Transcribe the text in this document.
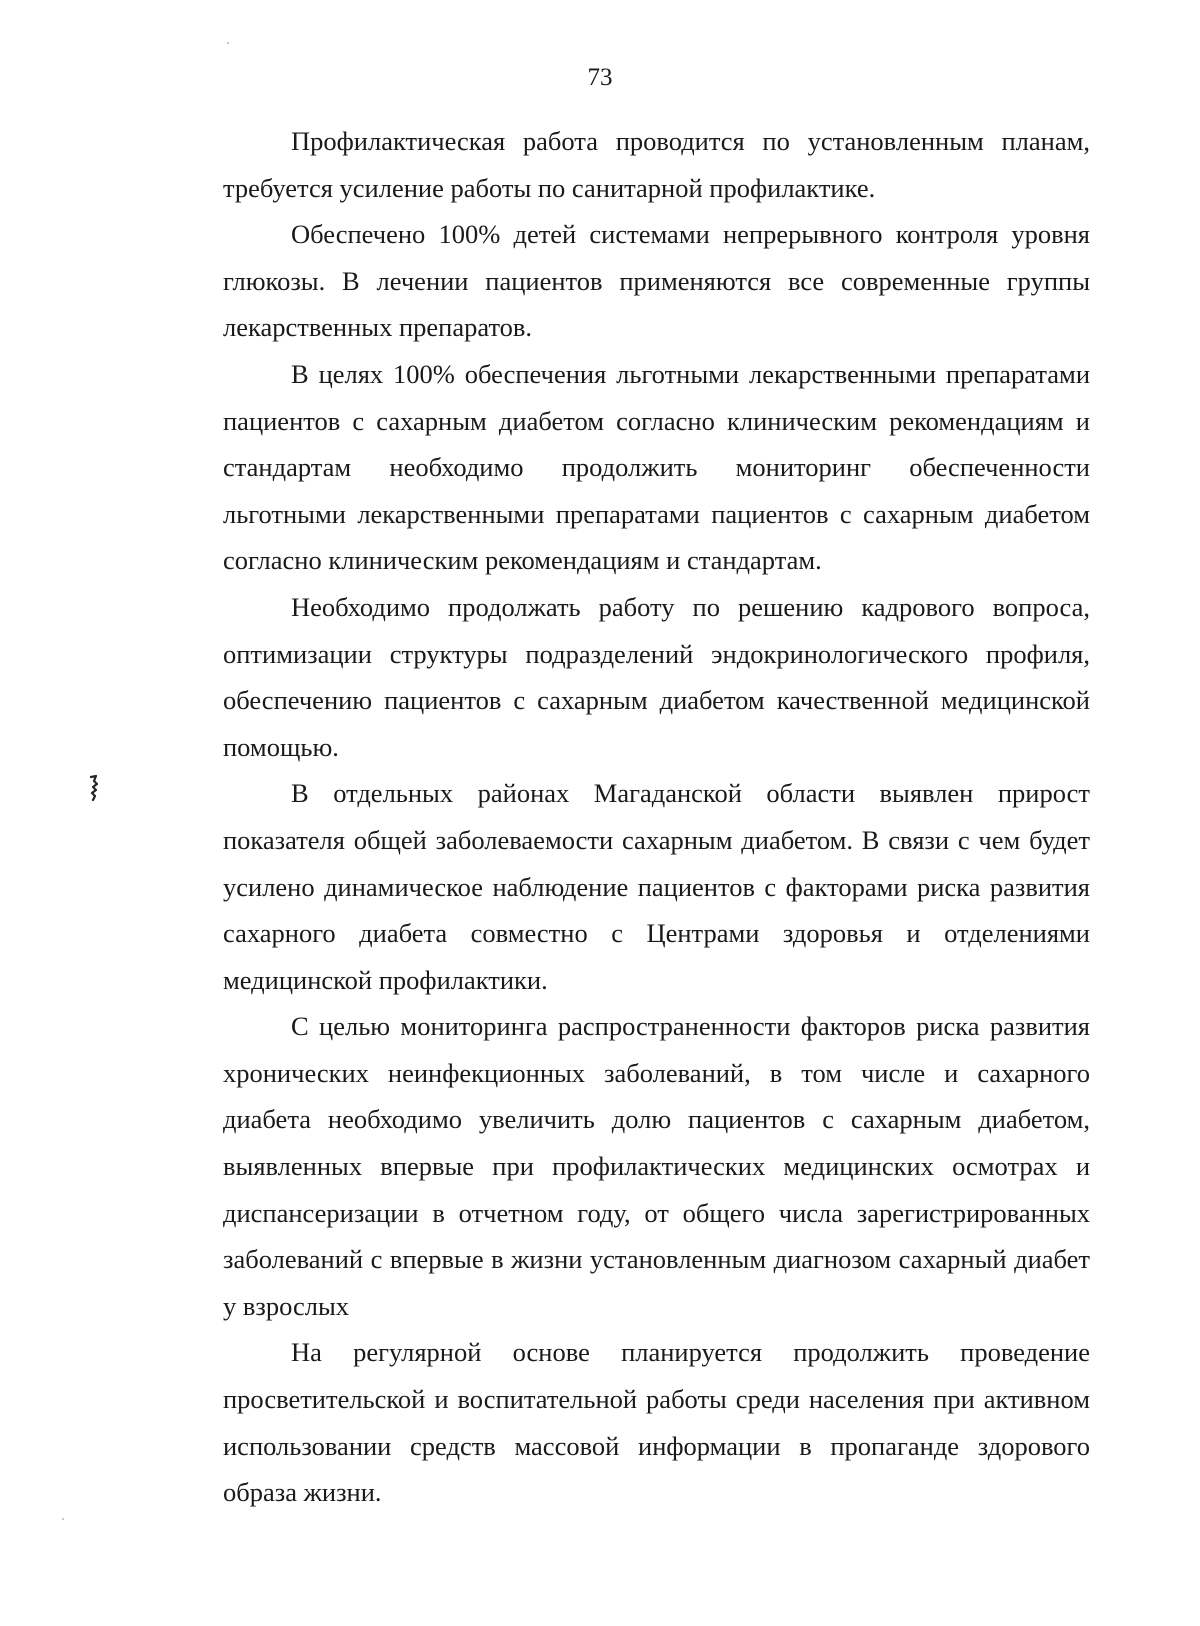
73

Профилактическая работа проводится по установленным планам, требуется усиление работы по санитарной профилактике.

Обеспечено 100% детей системами непрерывного контроля уровня глюкозы. В лечении пациентов применяются все современные группы лекарственных препаратов.

В целях 100% обеспечения льготными лекарственными препаратами пациентов с сахарным диабетом согласно клиническим рекомендациям и стандартам необходимо продолжить мониторинг обеспеченности льготными лекарственными препаратами пациентов с сахарным диабетом согласно клиническим рекомендациям и стандартам.

Необходимо продолжать работу по решению кадрового вопроса, оптимизации структуры подразделений эндокринологического профиля, обеспечению пациентов с сахарным диабетом качественной медицинской помощью.

В отдельных районах Магаданской области выявлен прирост показателя общей заболеваемости сахарным диабетом. В связи с чем будет усилено динамическое наблюдение пациентов с факторами риска развития сахарного диабета совместно с Центрами здоровья и отделениями медицинской профилактики.

С целью мониторинга распространенности факторов риска развития хронических неинфекционных заболеваний, в том числе и сахарного диабета необходимо увеличить долю пациентов с сахарным диабетом, выявленных впервые при профилактических медицинских осмотрах и диспансеризации в отчетном году, от общего числа зарегистрированных заболеваний с впервые в жизни установленным диагнозом сахарный диабет у взрослых

На регулярной основе планируется продолжить проведение просветительской и воспитательной работы среди населения при активном использовании средств массовой информации в пропаганде здорового образа жизни.
